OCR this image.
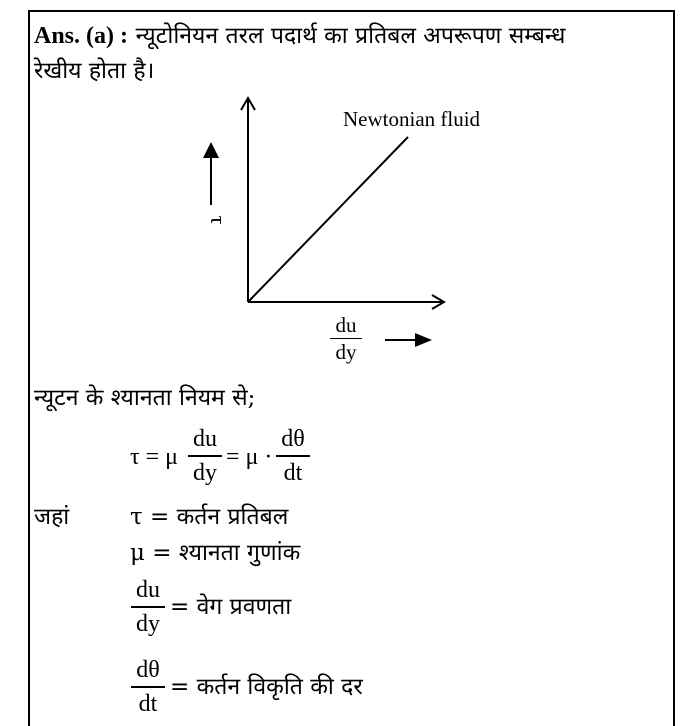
Ans. (a) : न्यूटोनियन तरल पदार्थ का प्रतिबल अपरूपण सम्बन्ध
रेखीय होता है।
Newtonian fluid
τ
du
dy
न्यूटन के श्यानता नियम से;
τ = μ
du
dy
= μ ·
dθ
dt
जहां	τ = कर्तन प्रतिबल
μ = श्यानता गुणांक
du
dy
= वेग प्रवणता
dθ
dt
= कर्तन विकृति की दर
